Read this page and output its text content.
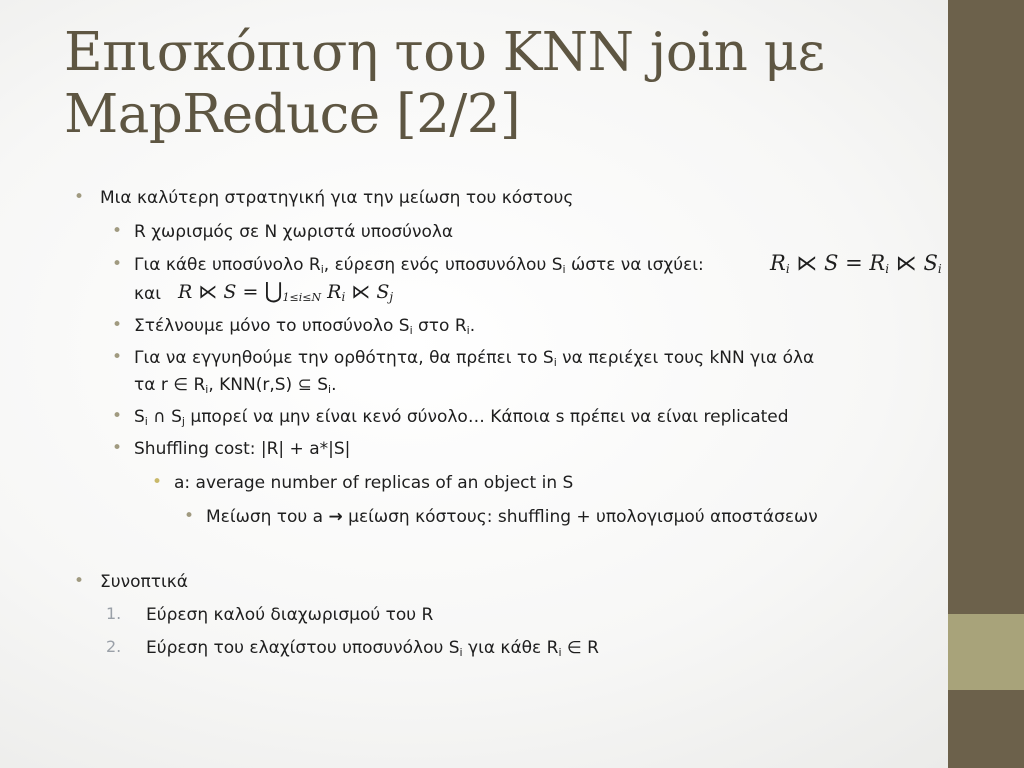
Επισκόπιση του KNN join με
MapReduce [2/2]
• Μια καλύτερη στρατηγική για την μείωση του κόστους
• R χωρισμός σε N χωριστά υποσύνολα
• Για κάθε υποσύνολο $R_i$, εύρεση ενός υποσυνόλου $S_i$ ώστε να ισχύει:	$R_i$ ⋉ $S = R_i$ ⋉ $S_i$
και R ⋉ $S = ⋃_{1\le i\le N}$ $R_i$ ⋉ $S_j$
• Στέλνουμε μόνο το υποσύνολο $S_i$ στο $R_i$.
• Για να εγγυηθούμε την ορθότητα, θα πρέπει το $S_i$ να περιέχει τους kNN για όλα
τα r ∈ $R_i$, KNN(r,S) ⊆ $S_i$.
• $S_i$ ∩ $S_j$ μπορεί να μην είναι κενό σύνολο… Κάποια s πρέπει να είναι replicated
• Shuffling cost: |R| + a*|S|
• a: average number of replicas of an object in S
• Μείωση του a → μείωση κόστους: shuffling + υπολογισμού αποστάσεων
• Συνοπτικά
1. Εύρεση καλού διαχωρισμού του R
2. Εύρεση του ελαχίστου υποσυνόλου $S_i$ για κάθε $R_i$ ∈ R
